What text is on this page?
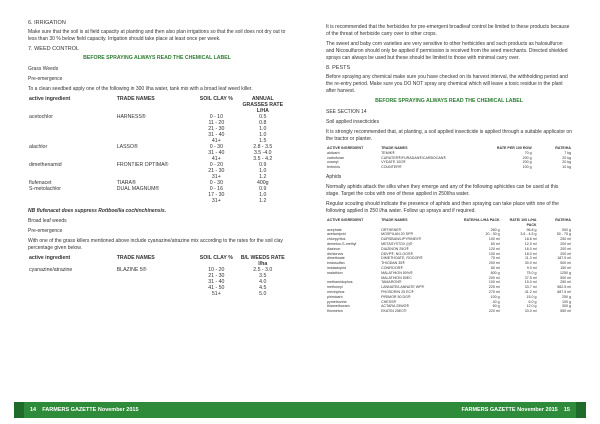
6. IRRIGATION

Make sure that the soil is at field capacity at planting and then also plan irrigations so that the soil does not dry out to less than 30 % below field capacity. Irrigation should take place at least once per week.

7. WEED CONTROL
BEFORE SPRAYING ALWAYS READ THE CHEMICAL LABEL

Grass Weeds

Pre-emergence

To a clean seedbed apply one of the following in 300 l/ha water, tank mix with a broad leaf weed killer.

active ingredient	TRADE NAMES	SOIL CLAY %	ANNUAL GRASSES RATE L/HA
acetochlor	HARNESS®	0 - 10	0.5
		11 - 20	0.8
		21 - 30	1.0
		31 - 40	1.0
		41+	1.5
alachlor	LASSO®	0 - 30	2.8 - 3.5
		31 - 40	3.5 -4.0
		41+	3.5 - 4.2
dimethenamid	FRONTIER OPTIMA®	0 - 20	0.9
		21 - 30	1.0
		31+	1.2
flufenacet	TIARA®	0 - 30	400g
S-metolachlor	DUAL MAGNUM®	0 - 16	0.9
		17 - 30	1.0
		31+	1.2

NB flufenacet does suppress Rottboellia cochinchinensis.

Broad leaf weeds

Pre-emergence

With one of the grass killers mentioned above include cyanazine/atrazine mix according to the rates for the soil clay percentage given below.

active ingredient	TRADE NAMES	SOIL CLAY %	B/L WEEDS RATE l/ha
cyanazine/atrazine	BLAZINE 5®	10 - 20	2.5 - 3.0
		21 - 30	3.5
		31 - 40	4.0
		41 - 50	4.5
		51+	5.0

It is recommended that the herbicides for pre-emergent broadleaf control be limited to these products because of the threat of herbicide carry over to other crops.

The sweet and baby corn varieties are very sensitive to other herbicides and such products as halosulfuron and Nicosulfuron should only be applied if permission is received from the seed merchants. Directed shielded sprays can always be used but these should be limited to those with minimal carry over.

8. PESTS

Before spraying any chemical make sure you have checked on its harvest interval, the withholding period and the re-entry period. Make sure you DO NOT spray any chemical which will leave a toxic residue in the plant after harvest.

BEFORE SPRAYING ALWAYS READ THE CHEMICAL LABEL

SEE SECTION 14

Soil applied insecticides

It is strongly recommended that, at planting, a soil applied insecticide is applied through a suitable applicator on the tractor or planter.

ACTIVE INGREDIENT	TRADE NAMES	RATE PER 100 ROW	RATE/HA
aldicarb	TEMIK®	70 g	7 kg
carbofuran	CURATER®/FURADAN®/CARBOCAN®	200 g	20 kg
oxamyl	VYDATE 10G®	200 g	20 kg
terbufos	COUNTER®	100 g	10 kg

Aphids

Normally aphids attack the silks when they emerge and any of the following aphicides can be used at this stage. Target the cobs with one of these applied in 250l/ha water.

Regular scouting should indicate the presence of aphids and then spraying can take place with one of the following applied in 250 l/ha water. Follow up sprays and if required.

ACTIVE INGREDIENT	TRADE NAMES	RATE/HA L/HA PACK	RATE/ 100 L/HA PACK	RATE/HA
acephate	ORTHENE®	260 g	96.8 g	500 g
acetamiprid	MOSPILAN 20 SP®	20 - 30 g	3.6 - 4.5 g	50 - 75 g
chlorpyrifos	DURSBAN/LIPYRINEX®	100 ml	18.6 ml	250 ml
demeton-S-methyl	METASYSTOX (I)®	60 ml	12.0 ml	200 ml
diazinon	DIAZINON 25G®	120 ml	16.0 ml	200 ml
dichlorvos	DDVP®, NO-GOS®	100 ml	18.0 ml	200 ml
dimethoate	DIMETHOATE, ROGOR®	75 ml	11.3 ml	187.5 ml
endosulfan	THIODAN 35®	200 ml	30.0 ml	500 ml
imidacloprid	CONFIDOR®	60 ml	9.0 ml	150 ml
malathion	MALATHION 50%®	800 g	75.0 g	1250 g
	MALATHION 50EC	200 ml	37.5 ml	500 ml
methamidophos	TAMARON®	100 ml	15.0 ml	250 ml
methomyl	LANNATE/LANNATE WP®	225 ml	33.7 ml	562.5 ml
mevinphos	PHOSDRIN 25 EC®	275 ml	41.2 ml	687.5 ml
pirimicarb	PIRIMOR 50 DG®	100 g	15.0 g	250 g
pymetrozine	CHESS®	40 g	6.0 g	100 g
thiamethoxam	ACTARA 25WG®	60 g	12.0 g	300 g
thiometon	EKATIN 25EC®	220 ml	33.0 ml	550 ml
14 FARMERS GAZETTE November 2015	FARMERS GAZETTE November 2015 15
